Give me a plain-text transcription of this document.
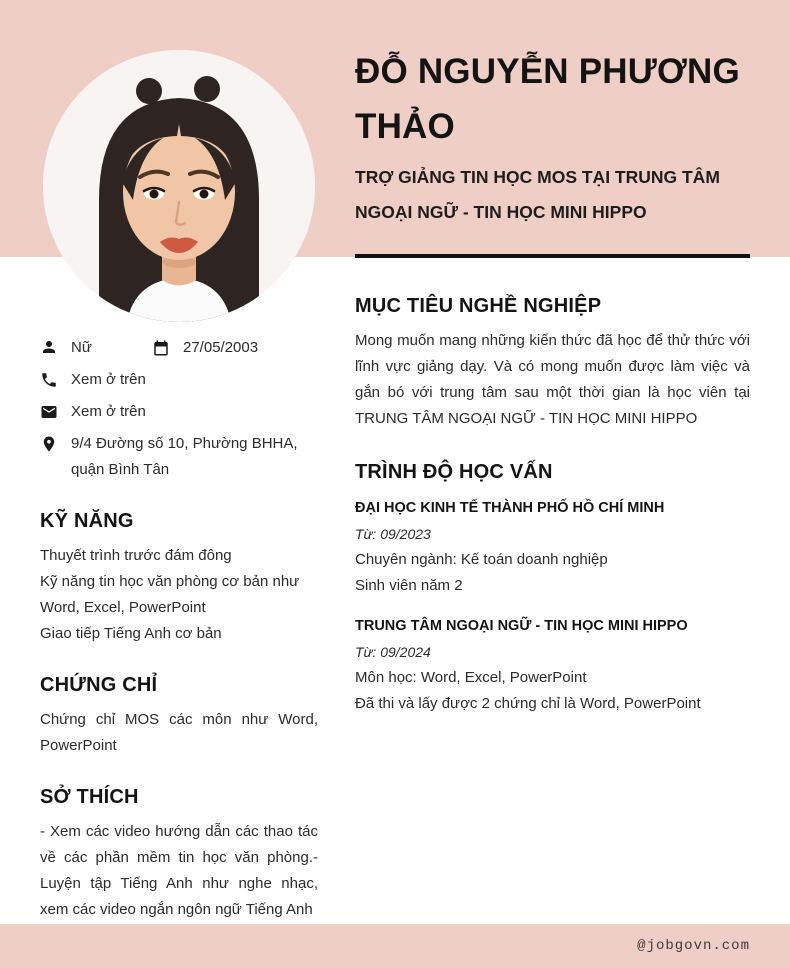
Nữ	27/05/2003
Xem ở trên
Xem ở trên
9/4 Đường số 10, Phường BHHA, quận Bình Tân
KỸ NĂNG
Thuyết trình trước đám đông
Kỹ năng tin học văn phòng cơ bản như Word, Excel, PowerPoint
Giao tiếp Tiếng Anh cơ bản
CHỨNG CHỈ

Chứng chỉ MOS các môn như Word, PowerPoint

SỞ THÍCH

- Xem các video hướng dẫn các thao tác về các phần mềm tin học văn phòng.- Luyện tập Tiếng Anh như nghe nhạc, xem các video ngắn ngôn ngữ Tiếng Anh

ĐỖ NGUYỄN PHƯƠNG THẢO
TRỢ GIẢNG TIN HỌC MOS TẠI TRUNG TÂM NGOẠI NGỮ - TIN HỌC MINI HIPPO
MỤC TIÊU NGHỀ NGHIỆP

Mong muốn mang những kiến thức đã học để thử thức với lĩnh vực giảng dạy. Và có mong muốn được làm việc và gắn bó với trung tâm sau một thời gian là học viên tại TRUNG TÂM NGOẠI NGỮ - TIN HỌC MINI HIPPO

TRÌNH ĐỘ HỌC VẤN
ĐẠI HỌC KINH TẾ THÀNH PHỐ HỒ CHÍ MINH
Từ: 09/2023
Chuyên ngành: Kế toán doanh nghiệp
Sinh viên năm 2
TRUNG TÂM NGOẠI NGỮ - TIN HỌC MINI HIPPO
Từ: 09/2024
Môn học: Word, Excel, PowerPoint
Đã thi và lấy được 2 chứng chỉ là Word, PowerPoint
@jobgovn.com
